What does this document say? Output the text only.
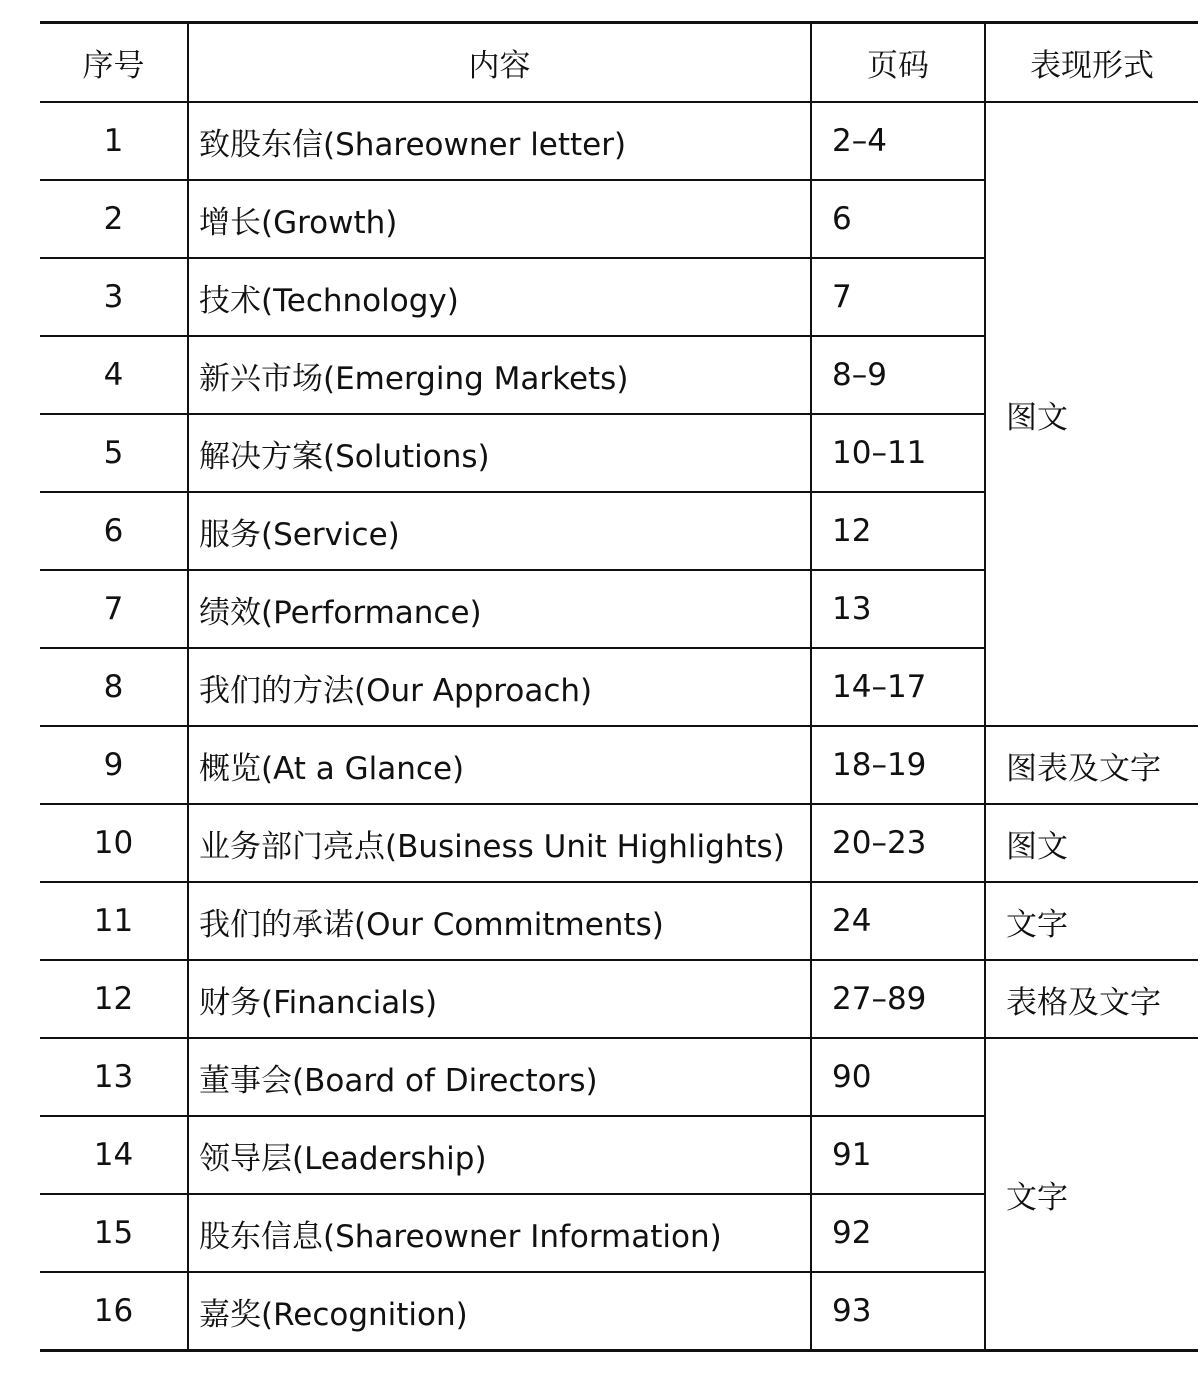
序号	内容	页码	表现形式
1	致股东信(Shareowner letter)	2–4	图文
2	增长(Growth)	6	
3	技术(Technology)	7	
4	新兴市场(Emerging Markets)	8–9	
5	解决方案(Solutions)	10–11	
6	服务(Service)	12	
7	绩效(Performance)	13	
8	我们的方法(Our Approach)	14–17	
9	概览(At a Glance)	18–19	图表及文字
10	业务部门亮点(Business Unit Highlights)	20–23	图文
11	我们的承诺(Our Commitments)	24	文字
12	财务(Financials)	27–89	表格及文字
13	董事会(Board of Directors)	90	文字
14	领导层(Leadership)	91	
15	股东信息(Shareowner Information)	92	
16	嘉奖(Recognition)	93	
